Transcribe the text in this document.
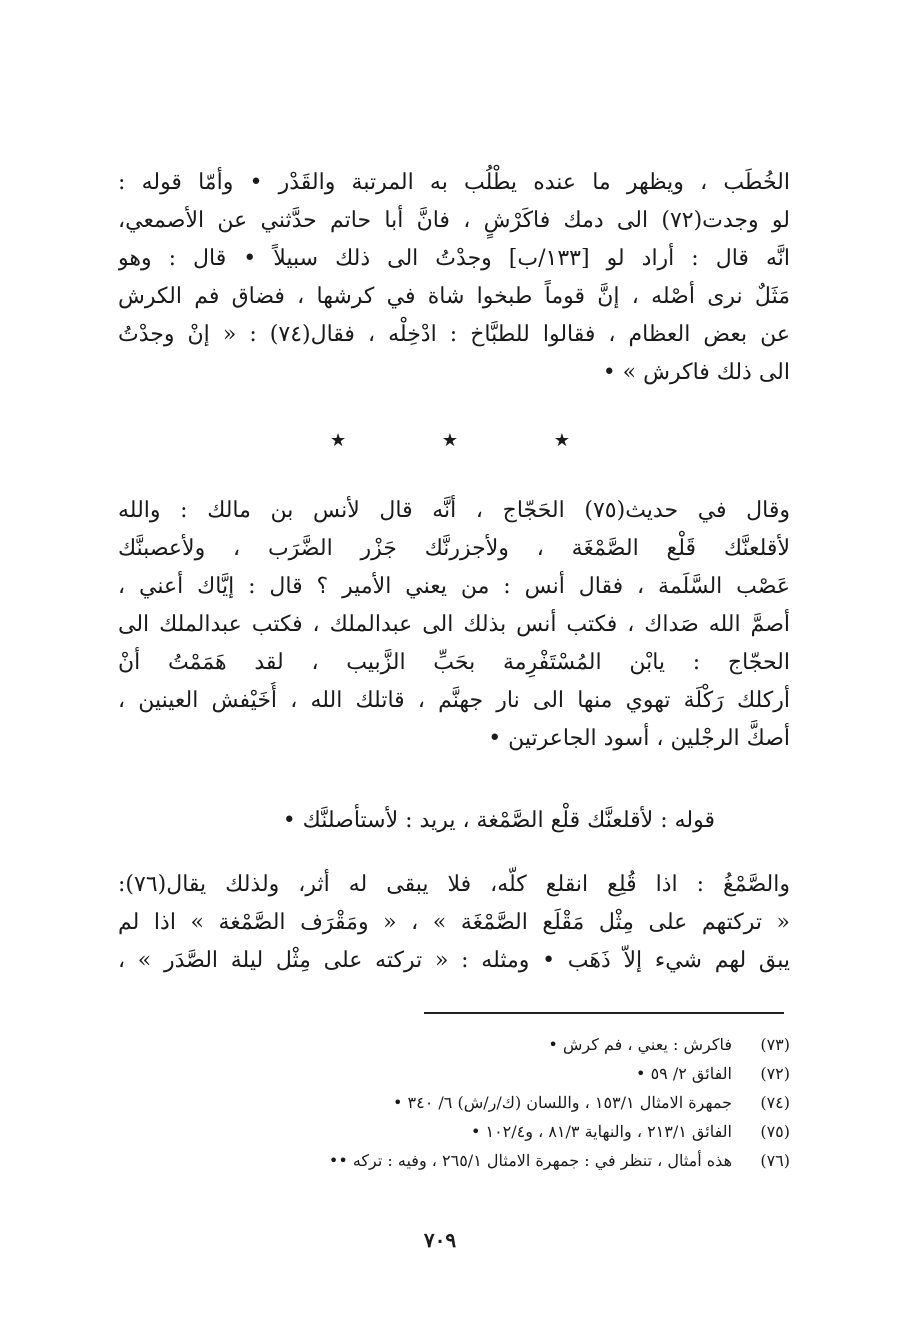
الخُطَب ، ويظهر ما عنده يطْلُب به المرتبة والقَدْر • وأمّا قوله :
لو وجدت(٧٢) الى دمك فاكَرْشٍ ، فانَّ أبا حاتم حدَّثني عن الأصمعي،
انَّه قال : أراد لو [١٣٣/ب] وجدْتُ الى ذلك سبيلاً • قال : وهو
مَثَلٌ نرى أصْله ، إنَّ قوماً طبخوا شاة في كرشها ، فضاق فم الكرش
عن بعض العظام ، فقالوا للطبَّاخ : ادْخِلْه ، فقال(٧٤) : « إنْ وجدْتُ
الى ذلك فاكرش » •
★	★	★
وقال في حديث(٧٥) الحَجّاج ، أنَّه قال لأنس بن مالك : والله
لأقلعنَّك قَلْع الصَّمْغَة ، ولأجزرنَّك جَزْر الضَّرَب ، ولأعصبنَّك
عَصْب السَّلَمة ، فقال أنس : من يعني الأمير ؟ قال : إيَّاك أعني ،
أصمَّ الله صَداك ، فكتب أنس بذلك الى عبدالملك ، فكتب عبدالملك الى
الحجّاج : يابْن المُسْتَفْرِمة بحَبِّ الزَّبيب ، لقد هَمَمْتُ أنْ
أركلك رَكْلَة تهوي منها الى نار جهنَّم ، قاتلك الله ، أُخَيْفش العينين ،
أصكَّ الرجْلين ، أسود الجاعرتين •
قوله : لأقلعنَّك قلْع الصَّمْغة ، يريد : لأستأصلنَّك •
والصَّمْغُ : اذا قُلِع انقلع كلّه، فلا يبقى له أثر، ولذلك يقال(٧٦):
« تركتهم على مِثْل مَقْلَع الصَّمْغَة » ، « ومَقْرَف الصَّمْغة » اذا لم
يبق لهم شيء إلاّ ذَهَب • ومثله : « تركته على مِثْل ليلة الصَّدَر » ،
(٧٣)
فاكرش : يعني ، فم كرش •
(٧٢)
الفائق ٢/ ٥٩ •
(٧٤)
جمهرة الامثال ١٥٣/١ ، واللسان (ك/ر/ش) ٦/ ٣٤٠ •
(٧٥)
الفائق ٢١٣/١ ، والنهاية ٨١/٣ ، و١٠٢/٤ •
(٧٦)
هذه أمثال ، تنظر في : جمهرة الامثال ٢٦٥/١ ، وفيه : تركه ••
٧٠٩
